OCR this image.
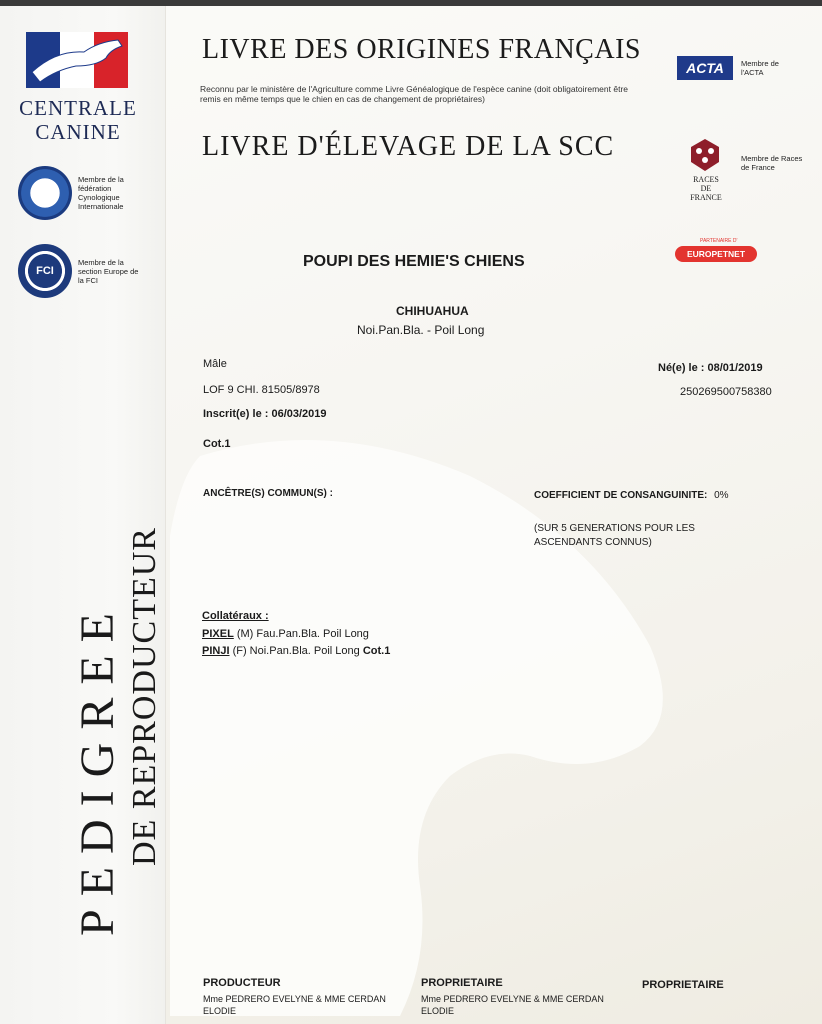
CENTRALE
CANINE
FCI
Membre de la fédération Cynologique Internationale
FCI
Membre de la section Europe de la FCI
PEDIGREE DE REPRODUCTEUR
LIVRE DES ORIGINES FRANÇAIS
Reconnu par le ministère de l'Agriculture comme Livre Généalogique de l'espèce canine (doit obligatoirement être remis en même temps que le chien en cas de changement de propriétaires)
LIVRE D'ÉLEVAGE DE LA SCC
ACTA	Membre de l'ACTA
RACES
DE FRANCE
Membre de Races de France
PARTENAIRE D'
EUROPETNET
POUPI DES HEMIE'S CHIENS
CHIHUAHUA
Noi.Pan.Bla. - Poil Long
Mâle
LOF 9 CHI. 81505/8978
Inscrit(e) le : 06/03/2019
Cot.1
Né(e) le : 08/01/2019
250269500758380
ANCÊTRE(S) COMMUN(S) :	COEFFICIENT DE CONSANGUINITE: 0%
(SUR 5 GENERATIONS POUR LES ASCENDANTS CONNUS)
Collatéraux :
PIXEL (M) Fau.Pan.Bla. Poil Long
PINJI (F) Noi.Pan.Bla. Poil Long Cot.1
PRODUCTEUR
Mme PEDRERO EVELYNE & MME CERDAN ELODIE
PROPRIETAIRE
Mme PEDRERO EVELYNE & MME CERDAN ELODIE
PROPRIETAIRE
